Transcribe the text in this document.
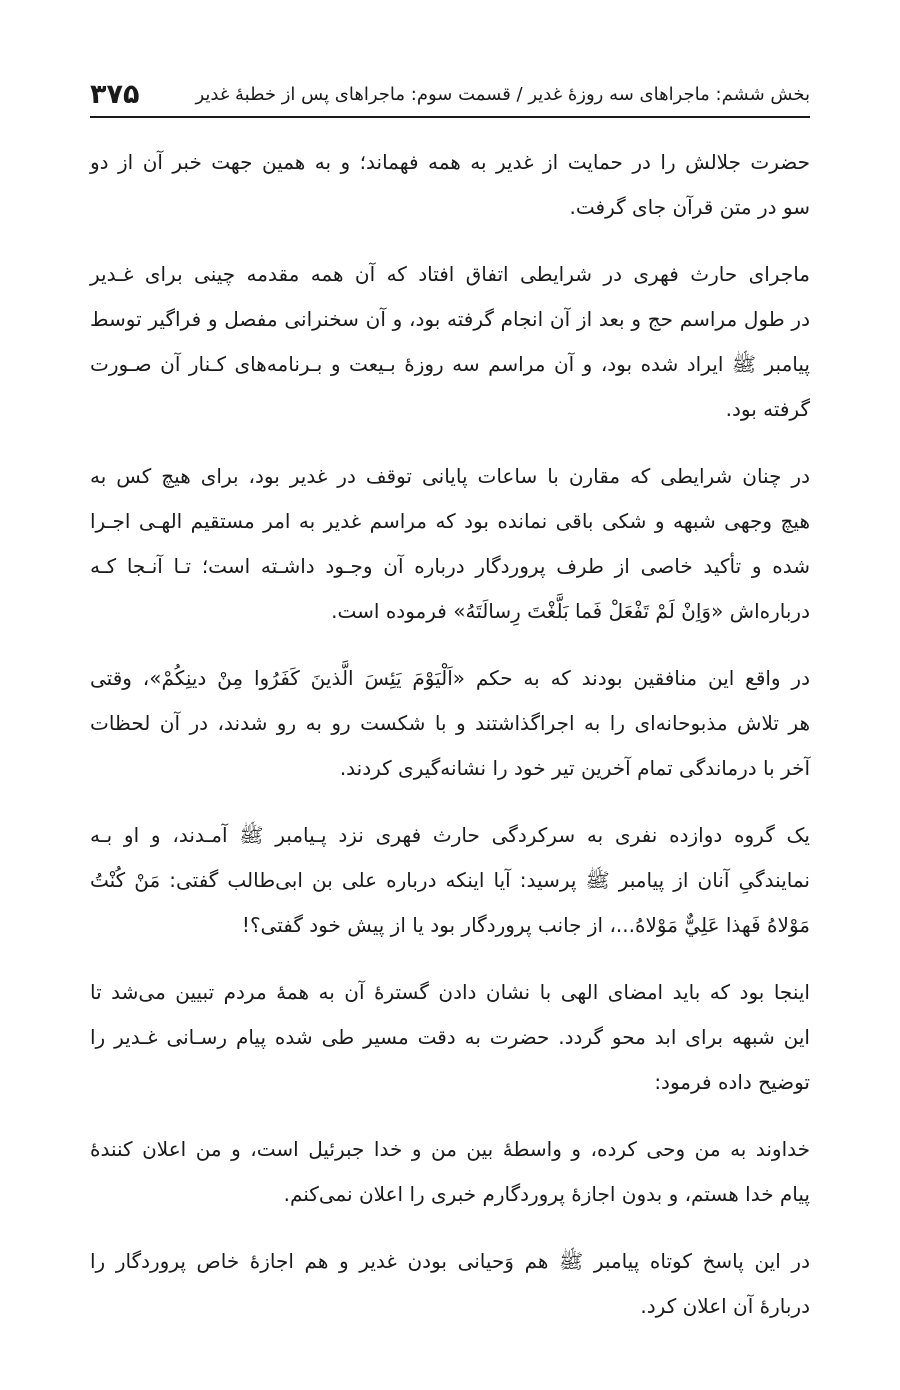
بخش ششم: ماجراهای سه روزهٔ غدیر / قسمت سوم: ماجراهای پس از خطبهٔ غدیر
۳۷۵

حضرت جلالش را در حمایت از غدیر به همه فهماند؛ و به همین جهت خبر آن از دو
سو در متن قرآن جای گرفت.

ماجرای حارث فهری در شرایطی اتفاق افتاد که آن همه مقدمه چینی برای غـدیر
در طول مراسم حج و بعد از آن انجام گرفته بود، و آن سخنرانی مفصل و فراگیر توسط
پیامبر ﷺ ایراد شده بود، و آن مراسم سه روزهٔ بـیعت و بـرنامه‌های کـنار آن صـورت
گرفته بود.

در چنان شرایطی که مقارن با ساعات پایانی توقف در غدیر بود، برای هیچ کس به
هیچ وجهی شبهه و شکی باقی نمانده بود که مراسم غدیر به امر مستقیم الهـی اجـرا
شده و تأکید خاصی از طرف پروردگار درباره آن وجـود داشـته است؛ تـا آنـجا کـه
درباره‌اش «وَاِنْ لَمْ تَفْعَلْ فَما بَلَّغْتَ رِسالَتَهُ» فرموده است.

در واقع این منافقین بودند که به حکم «اَلْيَوْمَ يَئِسَ الَّذينَ كَفَرُوا مِنْ دينِكُمْ»، وقتی
هر تلاش مذبوحانه‌ای را به اجراگذاشتند و با شکست رو به رو شدند، در آن لحظات
آخر با درماندگی تمام آخرین تیر خود را نشانه‌گیری کردند.

یک گروه دوازده نفری به سرکردگی حارث فهری نزد پـیامبر ﷺ آمـدند، و او بـه
نمایندگیِ آنان از پیامبر ﷺ پرسید: آیا اینکه درباره علی بن ابی‌طالب گفتی: مَنْ كُنْتُ
مَوْلاهُ فَهذا عَلِيٌّ مَوْلاهُ...، از جانب پروردگار بود یا از پیش خود گفتی؟!

اینجا بود که باید امضای الهی با نشان دادن گسترهٔ آن به همهٔ مردم تبیین می‌شد تا
این شبهه برای ابد محو گردد. حضرت به دقت مسیر طی شده پیام رسـانی غـدیر را
توضیح داده فرمود:

خداوند به من وحی کرده، و واسطهٔ بین من و خدا جبرئیل است، و من اعلان کنندهٔ
پیام خدا هستم، و بدون اجازهٔ پروردگارم خبری را اعلان نمی‌کنم.

در این پاسخ کوتاه پیامبر ﷺ هم وَحیانی بودن غدیر و هم اجازهٔ خاص پروردگار را
دربارهٔ آن اعلان کرد.
